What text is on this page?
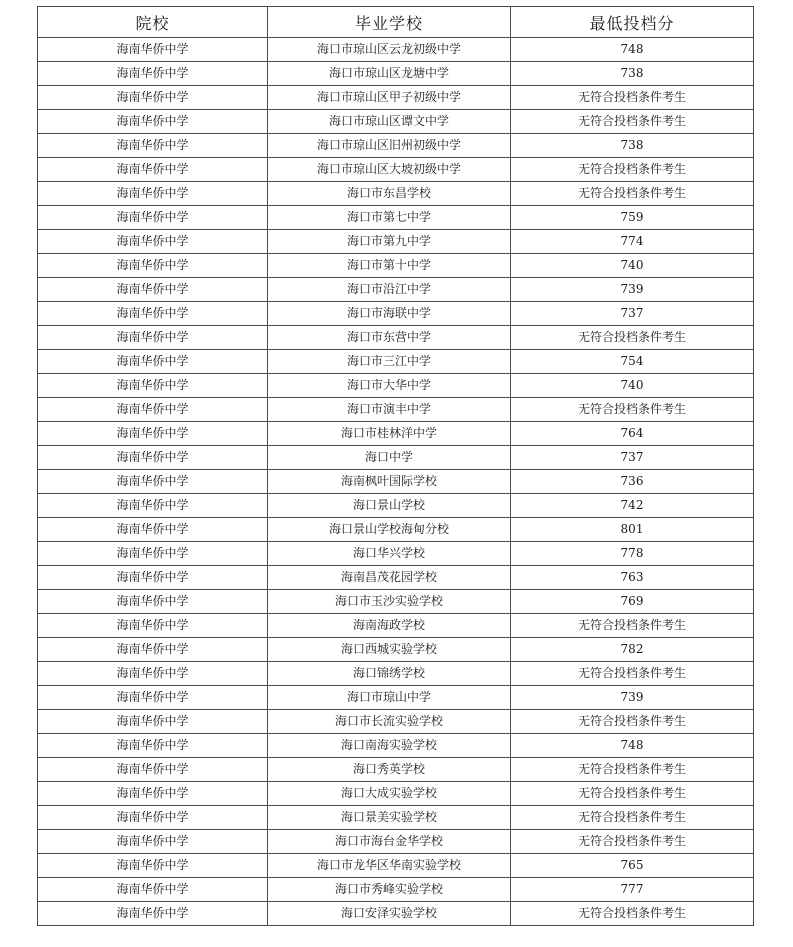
院校	毕业学校	最低投档分
海南华侨中学	海口市琼山区云龙初级中学	748
海南华侨中学	海口市琼山区龙塘中学	738
海南华侨中学	海口市琼山区甲子初级中学	无符合投档条件考生
海南华侨中学	海口市琼山区谭文中学	无符合投档条件考生
海南华侨中学	海口市琼山区旧州初级中学	738
海南华侨中学	海口市琼山区大坡初级中学	无符合投档条件考生
海南华侨中学	海口市东昌学校	无符合投档条件考生
海南华侨中学	海口市第七中学	759
海南华侨中学	海口市第九中学	774
海南华侨中学	海口市第十中学	740
海南华侨中学	海口市沿江中学	739
海南华侨中学	海口市海联中学	737
海南华侨中学	海口市东营中学	无符合投档条件考生
海南华侨中学	海口市三江中学	754
海南华侨中学	海口市大华中学	740
海南华侨中学	海口市演丰中学	无符合投档条件考生
海南华侨中学	海口市桂林洋中学	764
海南华侨中学	海口中学	737
海南华侨中学	海南枫叶国际学校	736
海南华侨中学	海口景山学校	742
海南华侨中学	海口景山学校海甸分校	801
海南华侨中学	海口华兴学校	778
海南华侨中学	海南昌茂花园学校	763
海南华侨中学	海口市玉沙实验学校	769
海南华侨中学	海南海政学校	无符合投档条件考生
海南华侨中学	海口西城实验学校	782
海南华侨中学	海口锦绣学校	无符合投档条件考生
海南华侨中学	海口市琼山中学	739
海南华侨中学	海口市长流实验学校	无符合投档条件考生
海南华侨中学	海口南海实验学校	748
海南华侨中学	海口秀英学校	无符合投档条件考生
海南华侨中学	海口大成实验学校	无符合投档条件考生
海南华侨中学	海口景美实验学校	无符合投档条件考生
海南华侨中学	海口市海台金华学校	无符合投档条件考生
海南华侨中学	海口市龙华区华南实验学校	765
海南华侨中学	海口市秀峰实验学校	777
海南华侨中学	海口安泽实验学校	无符合投档条件考生
